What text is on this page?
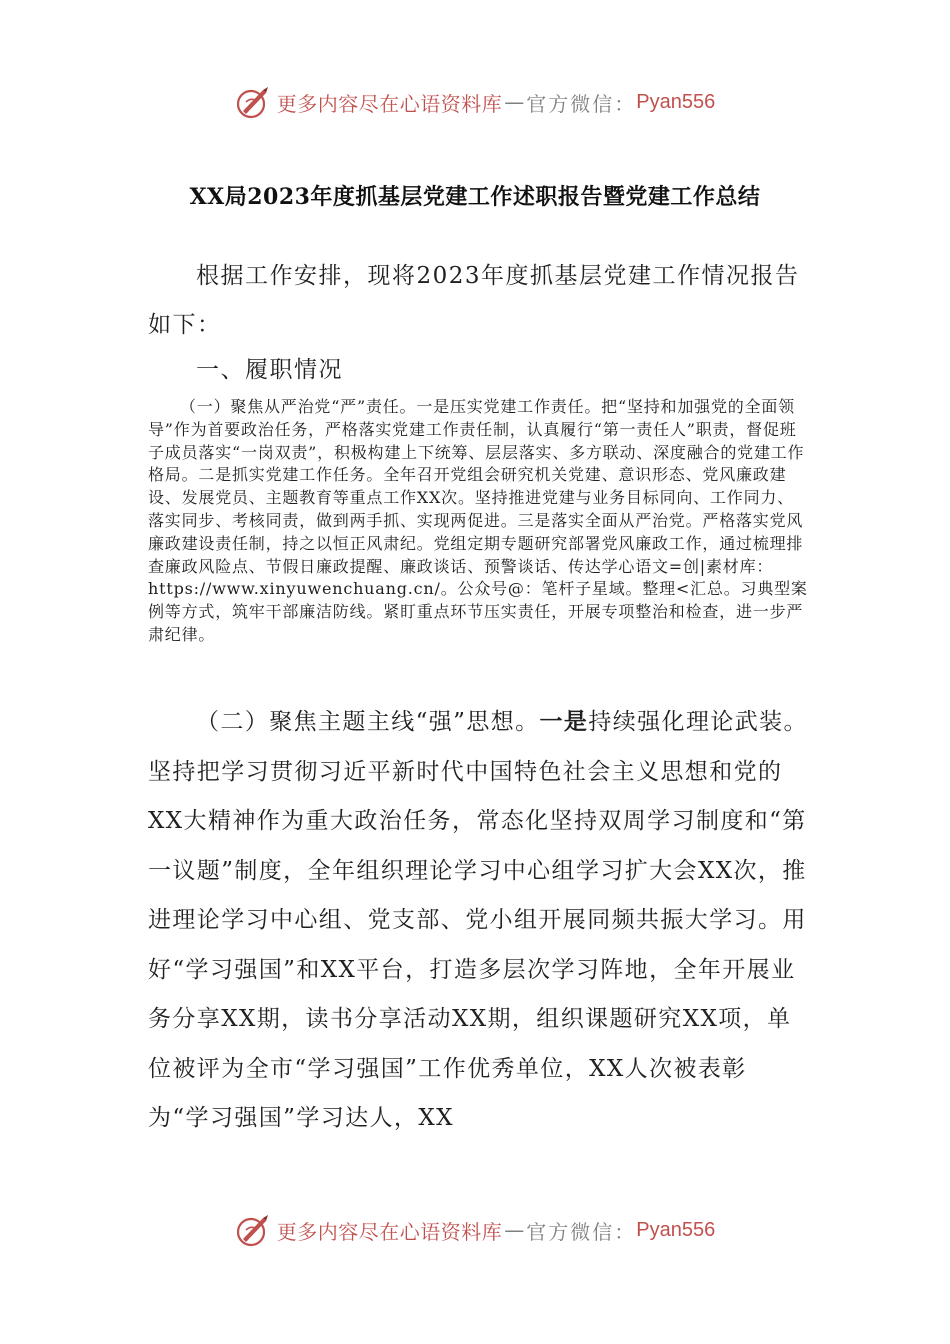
更多内容尽在心语资料库 — 官方微信： Pyan556
XX局2023年度抓基层党建工作述职报告暨党建工作总结

根据工作安排，现将2023年度抓基层党建工作情况报告如下：

一、履职情况

（一）聚焦从严治党“严”责任。一是压实党建工作责任。把“坚持和加强党的全面领导”作为首要政治任务，严格落实党建工作责任制，认真履行“第一责任人”职责，督促班子成员落实“一岗双责”，积极构建上下统筹、层层落实、多方联动、深度融合的党建工作格局。二是抓实党建工作任务。全年召开党组会研究机关党建、意识形态、党风廉政建设、发展党员、主题教育等重点工作XX次。坚持推进党建与业务目标同向、工作同力、落实同步、考核同责，做到两手抓、实现两促进。三是落实全面从严治党。严格落实党风廉政建设责任制，持之以恒正风肃纪。党组定期专题研究部署党风廉政工作，通过梳理排查廉政风险点、节假日廉政提醒、廉政谈话、预警谈话、传达学心语文=创|素材库：https://www.xinyuwenchuang.cn/。公众号@：笔杆子星域。整理<汇总。习典型案例等方式，筑牢干部廉洁防线。紧盯重点环节压实责任，开展专项整治和检查，进一步严肃纪律。

（二）聚焦主题主线“强”思想。一是持续强化理论武装。坚持把学习贯彻习近平新时代中国特色社会主义思想和党的XX大精神作为重大政治任务，常态化坚持双周学习制度和“第一议题”制度，全年组织理论学习中心组学习扩大会XX次，推进理论学习中心组、党支部、党小组开展同频共振大学习。用好“学习强国”和XX平台，打造多层次学习阵地，全年开展业务分享XX期，读书分享活动XX期，组织课题研究XX项，单位被评为全市“学习强国”工作优秀单位，XX人次被表彰为“学习强国”学习达人，XX

更多内容尽在心语资料库 — 官方微信： Pyan556
